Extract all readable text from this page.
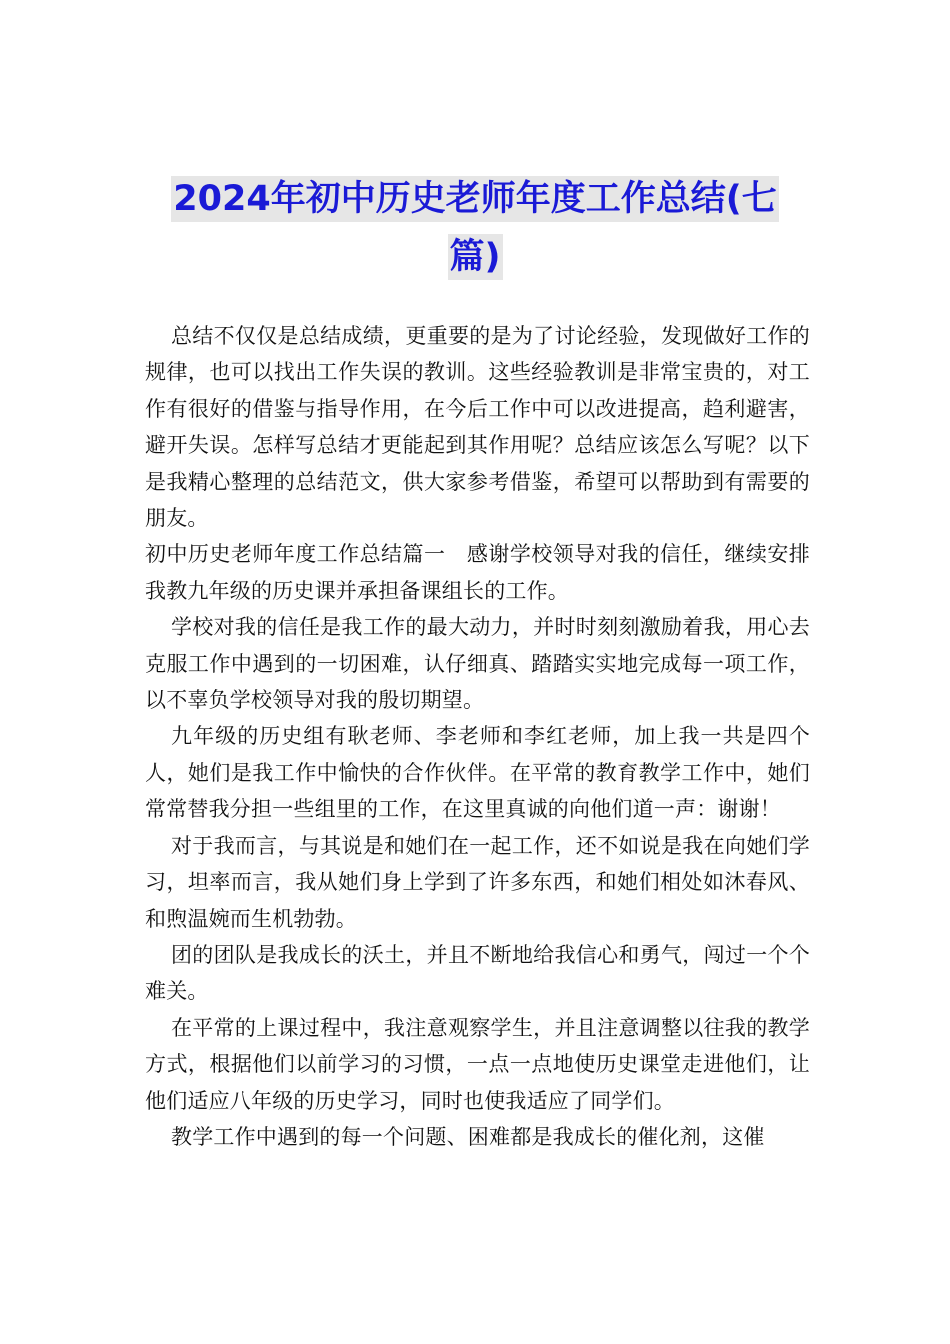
2024年初中历史老师年度工作总结(七
篇)

总结不仅仅是总结成绩，更重要的是为了讨论经验，发现做好工作的规律，也可以找出工作失误的教训。这些经验教训是非常宝贵的，对工作有很好的借鉴与指导作用，在今后工作中可以改进提高，趋利避害，避开失误。怎样写总结才更能起到其作用呢？总结应该怎么写呢？以下是我精心整理的总结范文，供大家参考借鉴，希望可以帮助到有需要的朋友。

初中历史老师年度工作总结篇一　感谢学校领导对我的信任，继续安排我教九年级的历史课并承担备课组长的工作。

学校对我的信任是我工作的最大动力，并时时刻刻激励着我，用心去克服工作中遇到的一切困难，认仔细真、踏踏实实地完成每一项工作，以不辜负学校领导对我的殷切期望。

九年级的历史组有耿老师、李老师和李红老师，加上我一共是四个人，她们是我工作中愉快的合作伙伴。在平常的教育教学工作中，她们常常替我分担一些组里的工作，在这里真诚的向他们道一声：谢谢！

对于我而言，与其说是和她们在一起工作，还不如说是我在向她们学习，坦率而言，我从她们身上学到了许多东西，和她们相处如沐春风、和煦温婉而生机勃勃。

团的团队是我成长的沃土，并且不断地给我信心和勇气，闯过一个个难关。

在平常的上课过程中，我注意观察学生，并且注意调整以往我的教学方式，根据他们以前学习的习惯，一点一点地使历史课堂走进他们，让他们适应八年级的历史学习，同时也使我适应了同学们。

教学工作中遇到的每一个问题、困难都是我成长的催化剂，这催
